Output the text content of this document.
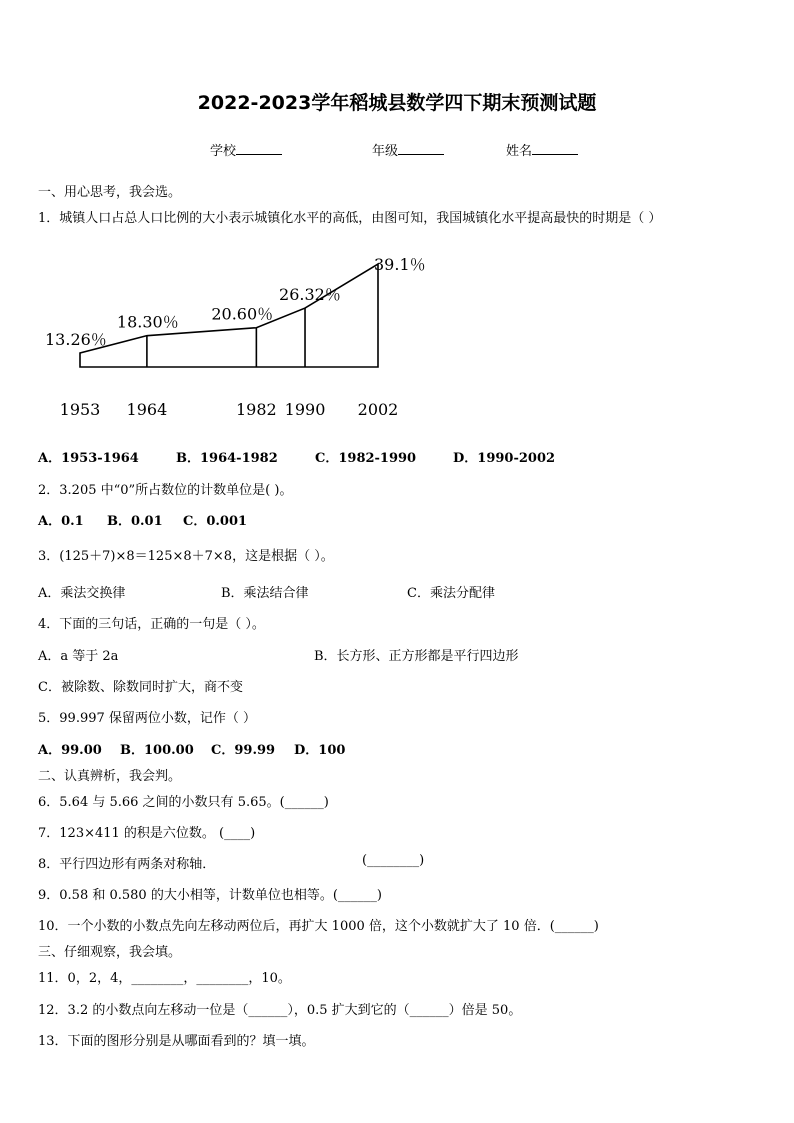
2022-2023学年稻城县数学四下期末预测试题
学校	年级	姓名
一、用心思考，我会选。
1．城镇人口占总人口比例的大小表示城镇化水平的高低，由图可知，我国城镇化水平提高最快的时期是（ ）
13.26％
18.30％ 20.60％
26.32％
39.1％
1953 1964	1982 1990 2002
A．1953-1964	B．1964-1982	C．1982-1990	D．1990-2002
2．3.205 中“0”所占数位的计数单位是( )。
A．0.1 B．0.01 C．0.001
3．(125＋7)×8＝125×8＋7×8，这是根据（ ）。
A．乘法交换律	B．乘法结合律	C．乘法分配律
4．下面的三句话，正确的一句是（ ）。
A．a 等于 2a	B．长方形、正方形都是平行四边形
C．被除数、除数同时扩大，商不变
5．99.997 保留两位小数，记作（ ）
A．99.00 B．100.00 C．99.99 D．100
二、认真辨析，我会判。
6．5.64 与 5.66 之间的小数只有 5.65。(______)
7．123×411 的积是六位数。 (____)
8．平行四边形有两条对称轴．	(________)
9．0.58 和 0.580 的大小相等，计数单位也相等。(______)
10．一个小数的小数点先向左移动两位后，再扩大 1000 倍，这个小数就扩大了 10 倍．(______)
三、仔细观察，我会填。
11．0，2，4，________，________，10。
12．3.2 的小数点向左移动一位是（______），0.5 扩大到它的（______）倍是 50。
13．下面的图形分别是从哪面看到的？填一填。
